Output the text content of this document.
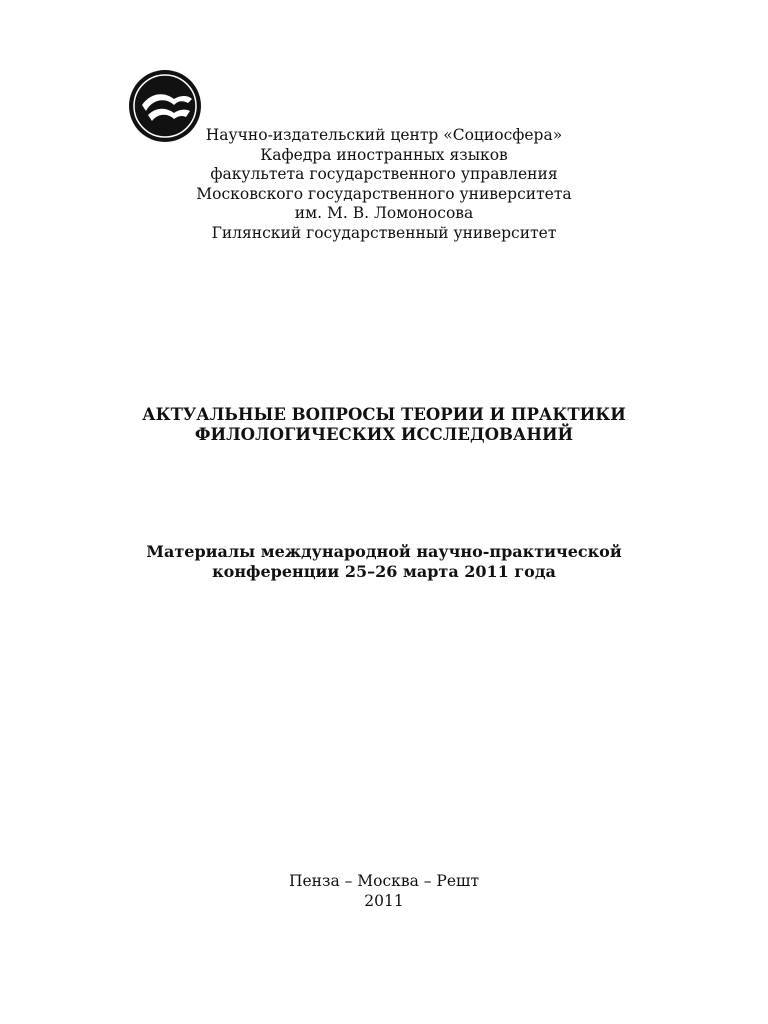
Научно-издательский центр «Социосфера»
Кафедра иностранных языков
факультета государственного управления
Московского государственного университета
им. М. В. Ломоносова
Гилянский государственный университет
АКТУАЛЬНЫЕ ВОПРОСЫ ТЕОРИИ И ПРАКТИКИ
ФИЛОЛОГИЧЕСКИХ ИССЛЕДОВАНИЙ
Материалы международной научно-практической
конференции 25–26 марта 2011 года
Пенза – Москва – Решт
2011
